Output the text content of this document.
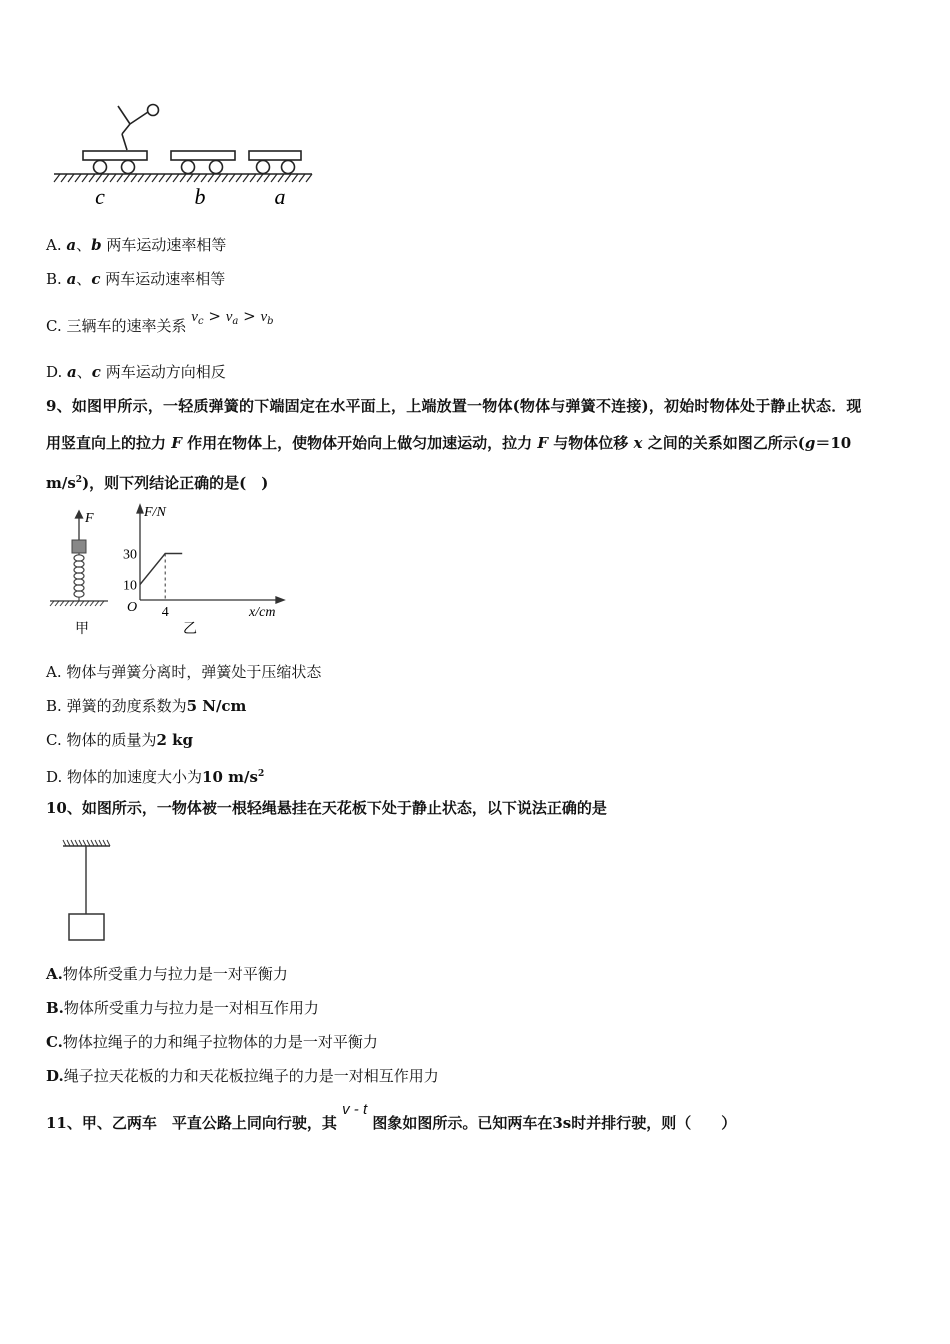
c	b	a
A. a、b 两车运动速率相等
B. a、c 两车运动速率相等
C. 三辆车的速率关系 $v_c > v_a > v_b$
D. a、c 两车运动方向相反
9、如图甲所示，一轻质弹簧的下端固定在水平面上，上端放置一物体(物体与弹簧不连接)，初始时物体处于静止状态．现
用竖直向上的拉力 F 作用在物体上，使物体开始向上做匀加速运动，拉力 F 与物体位移 x 之间的关系如图乙所示(g＝10
$m/s^2$)，则下列结论正确的是(　)
F
甲
30
10
4
F/N
x/cm
O
乙
A. 物体与弹簧分离时，弹簧处于压缩状态
B. 弹簧的劲度系数为5 N/cm
C. 物体的质量为2 kg
D. 物体的加速度大小为10 $m/s^2$
10、如图所示，一物体被一根轻绳悬挂在天花板下处于静止状态，以下说法正确的是
A.物体所受重力与拉力是一对平衡力
B.物体所受重力与拉力是一对相互作用力
C.物体拉绳子的力和绳子拉物体的力是一对平衡力
D.绳子拉天花板的力和天花板拉绳子的力是一对相互作用力
11、甲、乙两车　平直公路上同向行驶，其 v - t 图象如图所示。已知两车在3s时并排行驶，则（　　）
